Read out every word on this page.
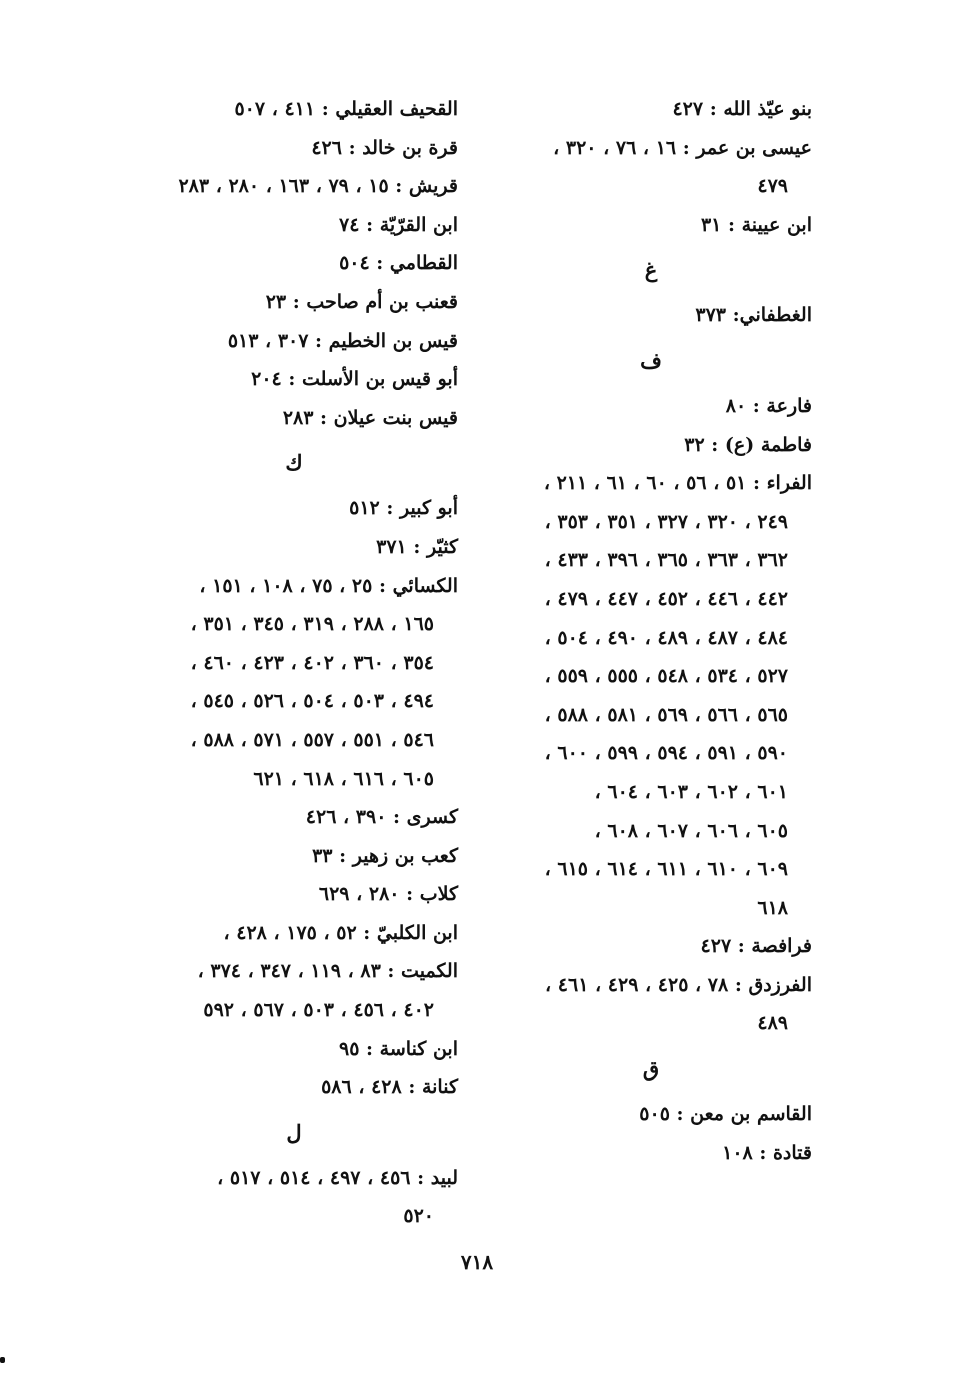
بنو عيّذ الله : ٤٢٧
عيسى بن عمر : ١٦ ، ٧٦ ، ٣٢٠ ،
٤٧٩
ابن عيينة : ٣١
غ
الغطفاني: ٣٧٣
ف
فارعة : ٨٠
فاطمة (ع) : ٣٢
الفراء : ٥١ ، ٥٦ ، ٦٠ ، ٦١ ، ٢١١ ،
٢٤٩ ، ٣٢٠ ، ٣٢٧ ، ٣٥١ ، ٣٥٣ ،
٣٦٢ ، ٣٦٣ ، ٣٦٥ ، ٣٩٦ ، ٤٣٣ ،
٤٤٢ ، ٤٤٦ ، ٤٥٢ ، ٤٤٧ ، ٤٧٩ ،
٤٨٤ ، ٤٨٧ ، ٤٨٩ ، ٤٩٠ ، ٥٠٤ ،
٥٢٧ ، ٥٣٤ ، ٥٤٨ ، ٥٥٥ ، ٥٥٩ ،
٥٦٥ ، ٥٦٦ ، ٥٦٩ ، ٥٨١ ، ٥٨٨ ،
٥٩٠ ، ٥٩١ ، ٥٩٤ ، ٥٩٩ ، ٦٠٠ ،
٦٠١ ، ٦٠٢ ، ٦٠٣ ، ٦٠٤ ،
٦٠٥ ، ٦٠٦ ، ٦٠٧ ، ٦٠٨ ،
٦٠٩ ، ٦١٠ ، ٦١١ ، ٦١٤ ، ٦١٥ ،
٦١٨
فرافصة : ٤٢٧
الفرزدق : ٧٨ ، ٤٢٥ ، ٤٢٩ ، ٤٦١ ،
٤٨٩
ق
القاسم بن معن : ٥٠٥
قتادة : ١٠٨
القحيف العقيلي : ٤١١ ، ٥٠٧
قرة بن خالد : ٤٢٦
قريش : ١٥ ، ٧٩ ، ١٦٣ ، ٢٨٠ ، ٢٨٣
ابن القرّيّة : ٧٤
القطامي : ٥٠٤
قعنب بن أم صاحب : ٢٣
قيس بن الخطيم : ٣٠٧ ، ٥١٣
أبو قيس بن الأسلت : ٢٠٤
قيس بنت عيلان : ٢٨٣
ك
أبو كبير : ٥١٢
كثيّر : ٣٧١
الكسائي : ٢٥ ، ٧٥ ، ١٠٨ ، ١٥١ ،
١٦٥ ، ٢٨٨ ، ٣١٩ ، ٣٤٥ ، ٣٥١ ،
٣٥٤ ، ٣٦٠ ، ٤٠٢ ، ٤٢٣ ، ٤٦٠ ،
٤٩٤ ، ٥٠٣ ، ٥٠٤ ، ٥٢٦ ، ٥٤٥ ،
٥٤٦ ، ٥٥١ ، ٥٥٧ ، ٥٧١ ، ٥٨٨ ،
٦٠٥ ، ٦١٦ ، ٦١٨ ، ٦٢١
كسرى : ٣٩٠ ، ٤٢٦
كعب بن زهير : ٣٣
كلاب : ٢٨٠ ، ٦٢٩
ابن الكلبيّ : ٥٢ ، ١٧٥ ، ٤٢٨ ،
الكميت : ٨٣ ، ١١٩ ، ٣٤٧ ، ٣٧٤ ،
٤٠٢ ، ٤٥٦ ، ٥٠٣ ، ٥٦٧ ، ٥٩٢
ابن كناسة : ٩٥
كنانة : ٤٢٨ ، ٥٨٦
ل
لبيد : ٤٥٦ ، ٤٩٧ ، ٥١٤ ، ٥١٧ ،
٥٢٠
٧١٨
